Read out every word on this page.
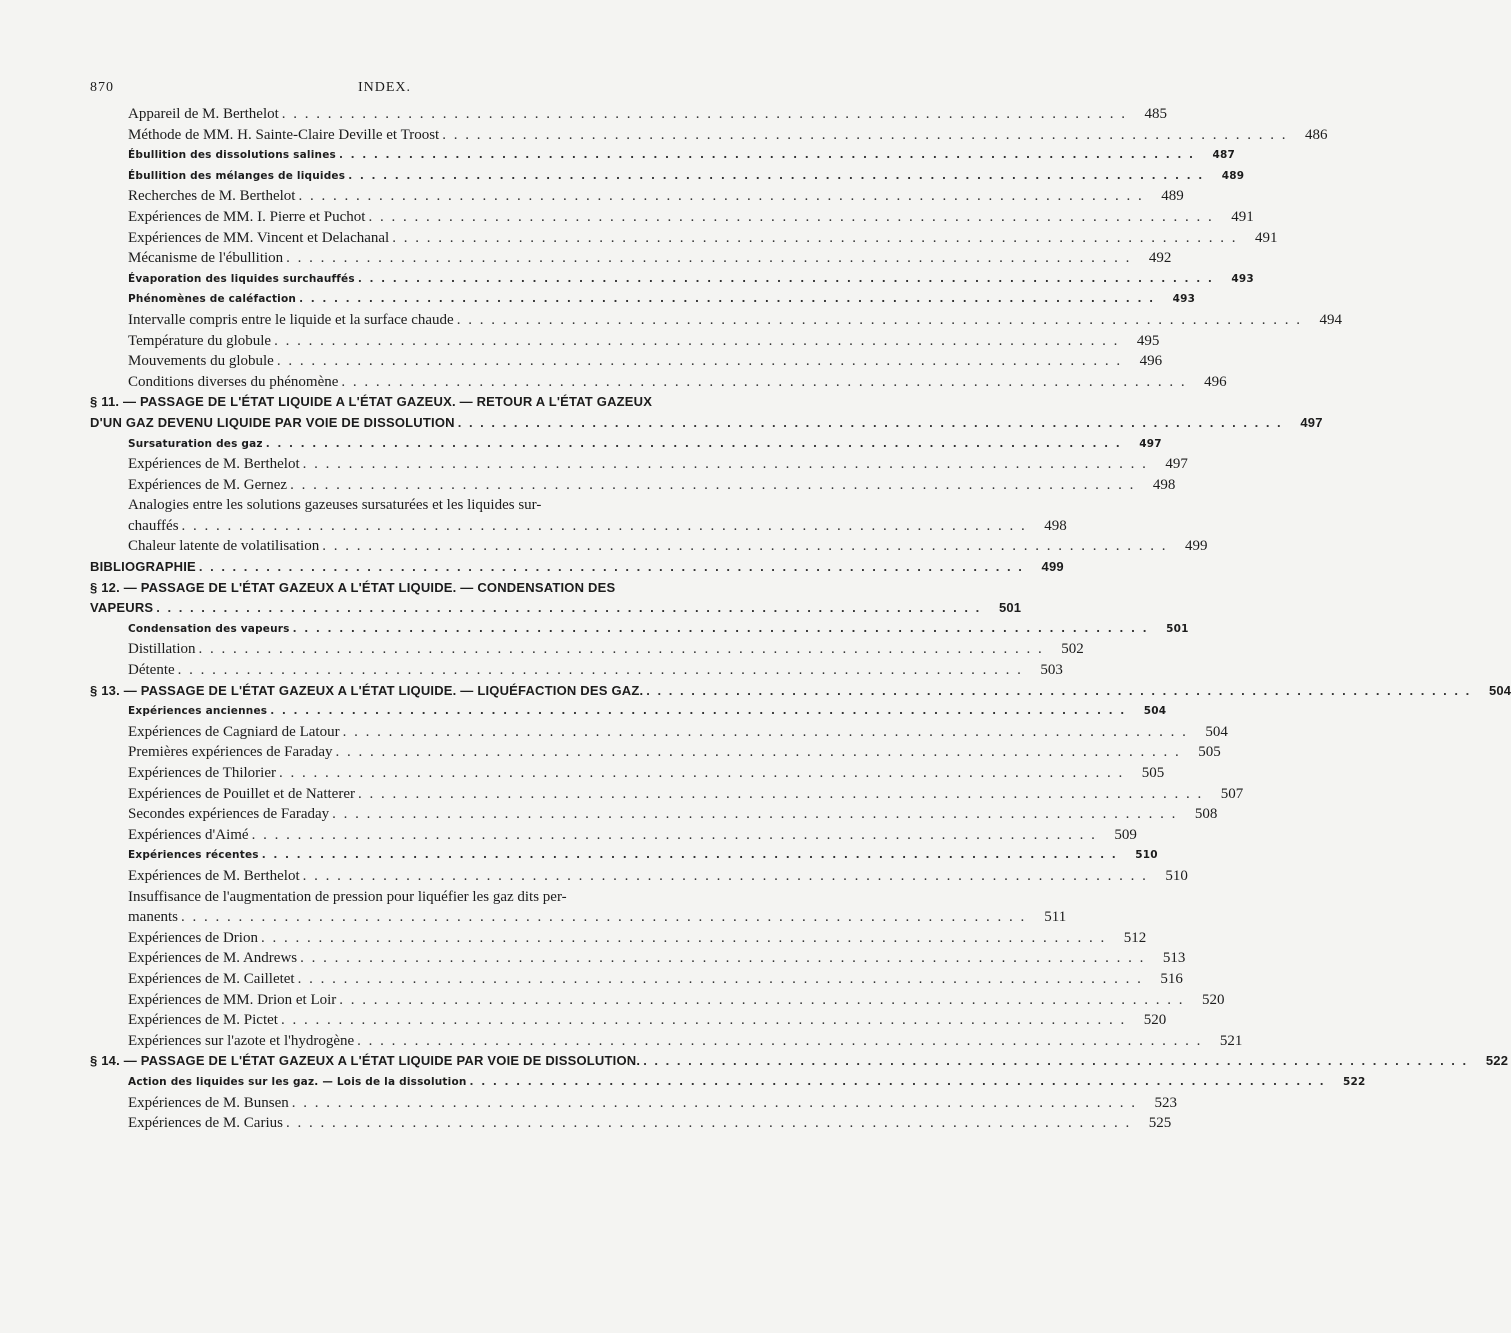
870	INDEX.
Appareil de M. Berthelot . . . . . . . . . . . . . . . . . . . . . . . . . . . . . . . . . . . . . . . . . . . . . . . . . . . . . . . . . . . . . . . . . . . . . . . . . .	485
Méthode de MM. H. Sainte-Claire Deville et Troost . . . . . . . . . . . . . . . . . . . . . . . . . . . . . . . . . . . . . . . . . . . . . . . . . . . . . . . . . . . . . . . . . . . . . . . . . .	486
Ébullition des dissolutions salines . . . . . . . . . . . . . . . . . . . . . . . . . . . . . . . . . . . . . . . . . . . . . . . . . . . . . . . . . . . . . . . . . . . . . . . . . .	487
Ébullition des mélanges de liquides . . . . . . . . . . . . . . . . . . . . . . . . . . . . . . . . . . . . . . . . . . . . . . . . . . . . . . . . . . . . . . . . . . . . . . . . . .	489
Recherches de M. Berthelot . . . . . . . . . . . . . . . . . . . . . . . . . . . . . . . . . . . . . . . . . . . . . . . . . . . . . . . . . . . . . . . . . . . . . . . . . .	489
Expériences de MM. I. Pierre et Puchot . . . . . . . . . . . . . . . . . . . . . . . . . . . . . . . . . . . . . . . . . . . . . . . . . . . . . . . . . . . . . . . . . . . . . . . . . .	491
Expériences de MM. Vincent et Delachanal . . . . . . . . . . . . . . . . . . . . . . . . . . . . . . . . . . . . . . . . . . . . . . . . . . . . . . . . . . . . . . . . . . . . . . . . . .	491
Mécanisme de l'ébullition . . . . . . . . . . . . . . . . . . . . . . . . . . . . . . . . . . . . . . . . . . . . . . . . . . . . . . . . . . . . . . . . . . . . . . . . . .	492
Évaporation des liquides surchauffés . . . . . . . . . . . . . . . . . . . . . . . . . . . . . . . . . . . . . . . . . . . . . . . . . . . . . . . . . . . . . . . . . . . . . . . . . .	493
Phénomènes de caléfaction . . . . . . . . . . . . . . . . . . . . . . . . . . . . . . . . . . . . . . . . . . . . . . . . . . . . . . . . . . . . . . . . . . . . . . . . . .	493
Intervalle compris entre le liquide et la surface chaude . . . . . . . . . . . . . . . . . . . . . . . . . . . . . . . . . . . . . . . . . . . . . . . . . . . . . . . . . . . . . . . . . . . . . . . . . .	494
Température du globule . . . . . . . . . . . . . . . . . . . . . . . . . . . . . . . . . . . . . . . . . . . . . . . . . . . . . . . . . . . . . . . . . . . . . . . . . .	495
Mouvements du globule . . . . . . . . . . . . . . . . . . . . . . . . . . . . . . . . . . . . . . . . . . . . . . . . . . . . . . . . . . . . . . . . . . . . . . . . . .	496
Conditions diverses du phénomène . . . . . . . . . . . . . . . . . . . . . . . . . . . . . . . . . . . . . . . . . . . . . . . . . . . . . . . . . . . . . . . . . . . . . . . . . .	496
§ 11. — PASSAGE DE L'ÉTAT LIQUIDE A L'ÉTAT GAZEUX. — RETOUR A L'ÉTAT GAZEUX
D'UN GAZ DEVENU LIQUIDE PAR VOIE DE DISSOLUTION . . . . . . . . . . . . . . . . . . . . . . . . . . . . . . . . . . . . . . . . . . . . . . . . . . . . . . . . . . . . . . . . . . . . . . . . . .	497
Sursaturation des gaz . . . . . . . . . . . . . . . . . . . . . . . . . . . . . . . . . . . . . . . . . . . . . . . . . . . . . . . . . . . . . . . . . . . . . . . . . .	497
Expériences de M. Berthelot . . . . . . . . . . . . . . . . . . . . . . . . . . . . . . . . . . . . . . . . . . . . . . . . . . . . . . . . . . . . . . . . . . . . . . . . . .	497
Expériences de M. Gernez . . . . . . . . . . . . . . . . . . . . . . . . . . . . . . . . . . . . . . . . . . . . . . . . . . . . . . . . . . . . . . . . . . . . . . . . . .	498
Analogies entre les solutions gazeuses sursaturées et les liquides sur-
chauffés . . . . . . . . . . . . . . . . . . . . . . . . . . . . . . . . . . . . . . . . . . . . . . . . . . . . . . . . . . . . . . . . . . . . . . . . . .	498
Chaleur latente de volatilisation . . . . . . . . . . . . . . . . . . . . . . . . . . . . . . . . . . . . . . . . . . . . . . . . . . . . . . . . . . . . . . . . . . . . . . . . . .	499
BIBLIOGRAPHIE . . . . . . . . . . . . . . . . . . . . . . . . . . . . . . . . . . . . . . . . . . . . . . . . . . . . . . . . . . . . . . . . . . . . . . . . . .	499
§ 12. — PASSAGE DE L'ÉTAT GAZEUX A L'ÉTAT LIQUIDE. — CONDENSATION DES
VAPEURS . . . . . . . . . . . . . . . . . . . . . . . . . . . . . . . . . . . . . . . . . . . . . . . . . . . . . . . . . . . . . . . . . . . . . . . . . .	501
Condensation des vapeurs . . . . . . . . . . . . . . . . . . . . . . . . . . . . . . . . . . . . . . . . . . . . . . . . . . . . . . . . . . . . . . . . . . . . . . . . . .	501
Distillation . . . . . . . . . . . . . . . . . . . . . . . . . . . . . . . . . . . . . . . . . . . . . . . . . . . . . . . . . . . . . . . . . . . . . . . . . .	502
Détente . . . . . . . . . . . . . . . . . . . . . . . . . . . . . . . . . . . . . . . . . . . . . . . . . . . . . . . . . . . . . . . . . . . . . . . . . .	503
§ 13. — PASSAGE DE L'ÉTAT GAZEUX A L'ÉTAT LIQUIDE. — LIQUÉFACTION DES GAZ. . . . . . . . . . . . . . . . . . . . . . . . . . . . . . . . . . . . . . . . . . . . . . . . . . . . . . . . . . . . . . . . . . . . . . . . . . .	504
Expériences anciennes . . . . . . . . . . . . . . . . . . . . . . . . . . . . . . . . . . . . . . . . . . . . . . . . . . . . . . . . . . . . . . . . . . . . . . . . . .	504
Expériences de Cagniard de Latour . . . . . . . . . . . . . . . . . . . . . . . . . . . . . . . . . . . . . . . . . . . . . . . . . . . . . . . . . . . . . . . . . . . . . . . . . .	504
Premières expériences de Faraday . . . . . . . . . . . . . . . . . . . . . . . . . . . . . . . . . . . . . . . . . . . . . . . . . . . . . . . . . . . . . . . . . . . . . . . . . .	505
Expériences de Thilorier . . . . . . . . . . . . . . . . . . . . . . . . . . . . . . . . . . . . . . . . . . . . . . . . . . . . . . . . . . . . . . . . . . . . . . . . . .	505
Expériences de Pouillet et de Natterer . . . . . . . . . . . . . . . . . . . . . . . . . . . . . . . . . . . . . . . . . . . . . . . . . . . . . . . . . . . . . . . . . . . . . . . . . .	507
Secondes expériences de Faraday . . . . . . . . . . . . . . . . . . . . . . . . . . . . . . . . . . . . . . . . . . . . . . . . . . . . . . . . . . . . . . . . . . . . . . . . . .	508
Expériences d'Aimé . . . . . . . . . . . . . . . . . . . . . . . . . . . . . . . . . . . . . . . . . . . . . . . . . . . . . . . . . . . . . . . . . . . . . . . . . .	509
Expériences récentes . . . . . . . . . . . . . . . . . . . . . . . . . . . . . . . . . . . . . . . . . . . . . . . . . . . . . . . . . . . . . . . . . . . . . . . . . .	510
Expériences de M. Berthelot . . . . . . . . . . . . . . . . . . . . . . . . . . . . . . . . . . . . . . . . . . . . . . . . . . . . . . . . . . . . . . . . . . . . . . . . . .	510
Insuffisance de l'augmentation de pression pour liquéfier les gaz dits per-
manents . . . . . . . . . . . . . . . . . . . . . . . . . . . . . . . . . . . . . . . . . . . . . . . . . . . . . . . . . . . . . . . . . . . . . . . . . .	511
Expériences de Drion . . . . . . . . . . . . . . . . . . . . . . . . . . . . . . . . . . . . . . . . . . . . . . . . . . . . . . . . . . . . . . . . . . . . . . . . . .	512
Expériences de M. Andrews . . . . . . . . . . . . . . . . . . . . . . . . . . . . . . . . . . . . . . . . . . . . . . . . . . . . . . . . . . . . . . . . . . . . . . . . . .	513
Expériences de M. Cailletet . . . . . . . . . . . . . . . . . . . . . . . . . . . . . . . . . . . . . . . . . . . . . . . . . . . . . . . . . . . . . . . . . . . . . . . . . .	516
Expériences de MM. Drion et Loir . . . . . . . . . . . . . . . . . . . . . . . . . . . . . . . . . . . . . . . . . . . . . . . . . . . . . . . . . . . . . . . . . . . . . . . . . .	520
Expériences de M. Pictet . . . . . . . . . . . . . . . . . . . . . . . . . . . . . . . . . . . . . . . . . . . . . . . . . . . . . . . . . . . . . . . . . . . . . . . . . .	520
Expériences sur l'azote et l'hydrogène . . . . . . . . . . . . . . . . . . . . . . . . . . . . . . . . . . . . . . . . . . . . . . . . . . . . . . . . . . . . . . . . . . . . . . . . . .	521
§ 14. — PASSAGE DE L'ÉTAT GAZEUX A L'ÉTAT LIQUIDE PAR VOIE DE DISSOLUTION. . . . . . . . . . . . . . . . . . . . . . . . . . . . . . . . . . . . . . . . . . . . . . . . . . . . . . . . . . . . . . . . . . . . . . . . . . .	522
Action des liquides sur les gaz. — Lois de la dissolution . . . . . . . . . . . . . . . . . . . . . . . . . . . . . . . . . . . . . . . . . . . . . . . . . . . . . . . . . . . . . . . . . . . . . . . . . .	522
Expériences de M. Bunsen . . . . . . . . . . . . . . . . . . . . . . . . . . . . . . . . . . . . . . . . . . . . . . . . . . . . . . . . . . . . . . . . . . . . . . . . . .	523
Expériences de M. Carius . . . . . . . . . . . . . . . . . . . . . . . . . . . . . . . . . . . . . . . . . . . . . . . . . . . . . . . . . . . . . . . . . . . . . . . . . .	525
